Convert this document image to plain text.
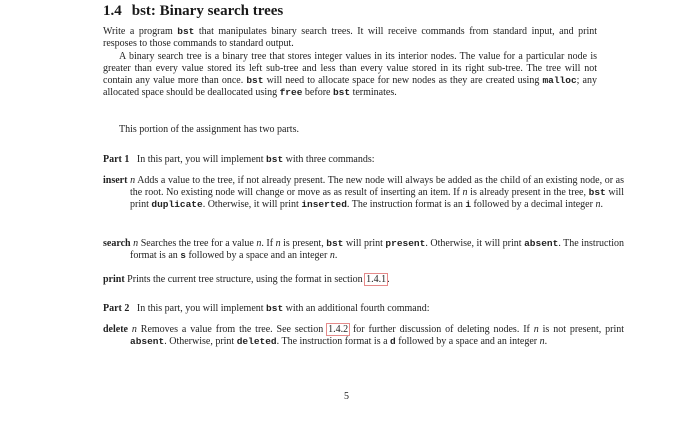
1.4 bst: Binary search trees

Write a program bst that manipulates binary search trees. It will receive commands from standard input, and print resposes to those commands to standard output.

A binary search tree is a binary tree that stores integer values in its interior nodes. The value for a particular node is greater than every value stored its left sub-tree and less than every value stored in its right sub-tree. The tree will not contain any value more than once. bst will need to allocate space for new nodes as they are created using malloc; any allocated space should be deallocated using free before bst terminates.

This portion of the assignment has two parts.

Part 1 In this part, you will implement bst with three commands:

insert n Adds a value to the tree, if not already present. The new node will always be added as the child of an existing node, or as the root. No existing node will change or move as as result of inserting an item. If n is already present in the tree, bst will print duplicate. Otherwise, it will print inserted. The instruction format is an i followed by a decimal integer n.

search n Searches the tree for a value n. If n is present, bst will print present. Otherwise, it will print absent. The instruction format is an s followed by a space and an integer n.

print Prints the current tree structure, using the format in section 1.4.1.

Part 2 In this part, you will implement bst with an additional fourth command:

delete n Removes a value from the tree. See section 1.4.2 for further discussion of deleting nodes. If n is not present, print absent. Otherwise, print deleted. The instruction format is a d followed by a space and an integer n.

5
